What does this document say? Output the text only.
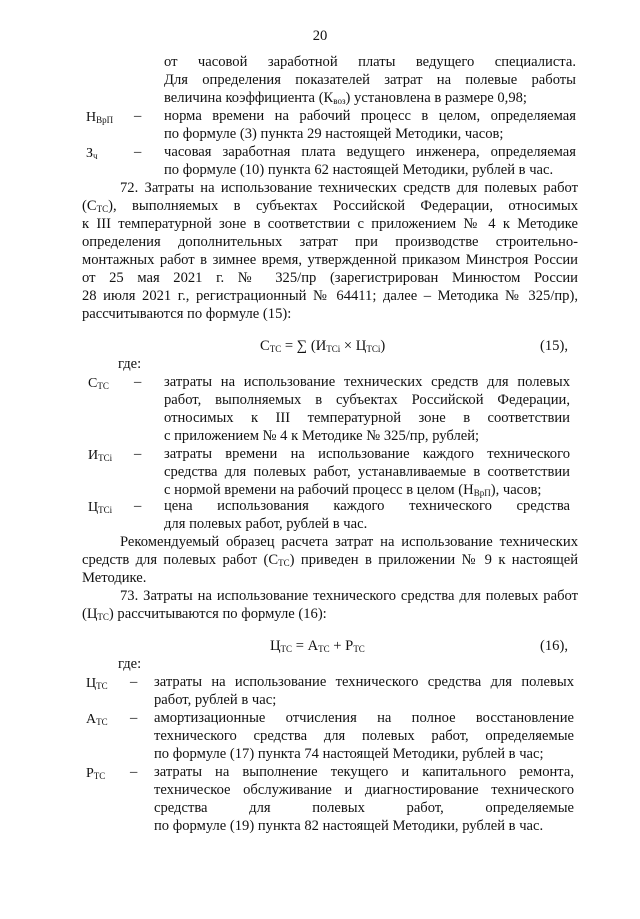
20
от часовой заработной платы ведущего специалиста.
Для определения показателей затрат на полевые работы
величина коэффициента $(К_{воз})$ установлена в размере 0,98;
$Н_{ВрП}$ – норма времени на рабочий процесс в целом, определяемая
по формуле (3) пункта 29 настоящей Методики, часов;
$З_ч$ – часовая заработная плата ведущего инженера, определяемая
по формуле (10) пункта 62 настоящей Методики, рублей в час.
72. Затраты на использование технических средств для полевых работ
$(С_{ТС})$, выполняемых в субъектах Российской Федерации, относимых
к III температурной зоне в соответствии с приложением № 4 к Методике
определения дополнительных затрат при производстве строительно-
монтажных работ в зимнее время, утвержденной приказом Минстроя России
от 25 мая 2021 г. № 325/пр (зарегистрирован Минюстом России
28 июля 2021 г., регистрационный № 64411; далее – Методика № 325/пр),
рассчитываются по формуле (15):
$С_{ТС}$ = ∑ $(И_{ТСi} \times Ц_{ТСi})$	(15),
где:
$С_{ТС}$ – затраты на использование технических средств для полевых
работ, выполняемых в субъектах Российской Федерации,
относимых к III температурной зоне в соответствии
с приложением № 4 к Методике № 325/пр, рублей;
$И_{ТСi}$ – затраты времени на использование каждого технического
средства для полевых работ, устанавливаемые в соответствии
с нормой времени на рабочий процесс в целом $(Н_{ВрП})$, часов;
$Ц_{ТСi}$ – цена использования каждого технического средства
для полевых работ, рублей в час.
Рекомендуемый образец расчета затрат на использование технических
средств для полевых работ $(С_{ТС})$ приведен в приложении № 9 к настоящей
Методике.
73. Затраты на использование технического средства для полевых работ
$(Ц_{ТС})$ рассчитываются по формуле (16):
$Ц_{ТС} = А_{ТС} + Р_{ТС}$	(16),
где:
$Ц_{ТС}$ – затраты на использование технического средства для полевых
работ, рублей в час;
$А_{ТС}$ – амортизационные отчисления на полное восстановление
технического средства для полевых работ, определяемые
по формуле (17) пункта 74 настоящей Методики, рублей в час;
$Р_{ТС}$ – затраты на выполнение текущего и капитального ремонта,
техническое обслуживание и диагностирование технического
средства для полевых работ, определяемые
по формуле (19) пункта 82 настоящей Методики, рублей в час.
